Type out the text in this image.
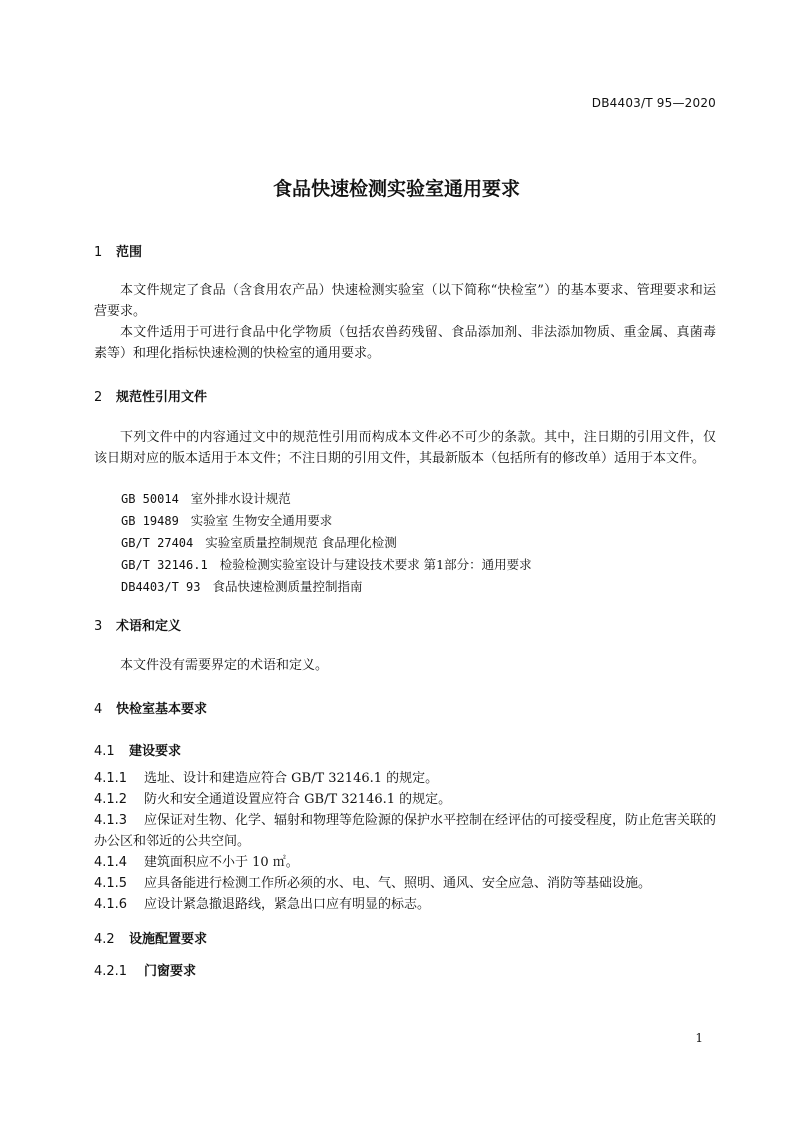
DB4403/T 95—2020
食品快速检测实验室通用要求
1 范围
本文件规定了食品（含食用农产品）快速检测实验室（以下简称“快检室”）的基本要求、管理要求和运营要求。
本文件适用于可进行食品中化学物质（包括农兽药残留、食品添加剂、非法添加物质、重金属、真菌毒素等）和理化指标快速检测的快检室的通用要求。
2 规范性引用文件
下列文件中的内容通过文中的规范性引用而构成本文件必不可少的条款。其中，注日期的引用文件，仅该日期对应的版本适用于本文件；不注日期的引用文件，其最新版本（包括所有的修改单）适用于本文件。
GB 50014 室外排水设计规范
GB 19489 实验室 生物安全通用要求
GB/T 27404 实验室质量控制规范 食品理化检测
GB/T 32146.1 检验检测实验室设计与建设技术要求 第1部分：通用要求
DB4403/T 93 食品快速检测质量控制指南
3 术语和定义
本文件没有需要界定的术语和定义。
4 快检室基本要求
4.1 建设要求
4.1.1 选址、设计和建造应符合 GB/T 32146.1 的规定。
4.1.2 防火和安全通道设置应符合 GB/T 32146.1 的规定。
4.1.3 应保证对生物、化学、辐射和物理等危险源的保护水平控制在经评估的可接受程度，防止危害关联的办公区和邻近的公共空间。
4.1.4 建筑面积应不小于 10 ㎡。
4.1.5 应具备能进行检测工作所必须的水、电、气、照明、通风、安全应急、消防等基础设施。
4.1.6 应设计紧急撤退路线，紧急出口应有明显的标志。
4.2 设施配置要求
4.2.1 门窗要求
1
